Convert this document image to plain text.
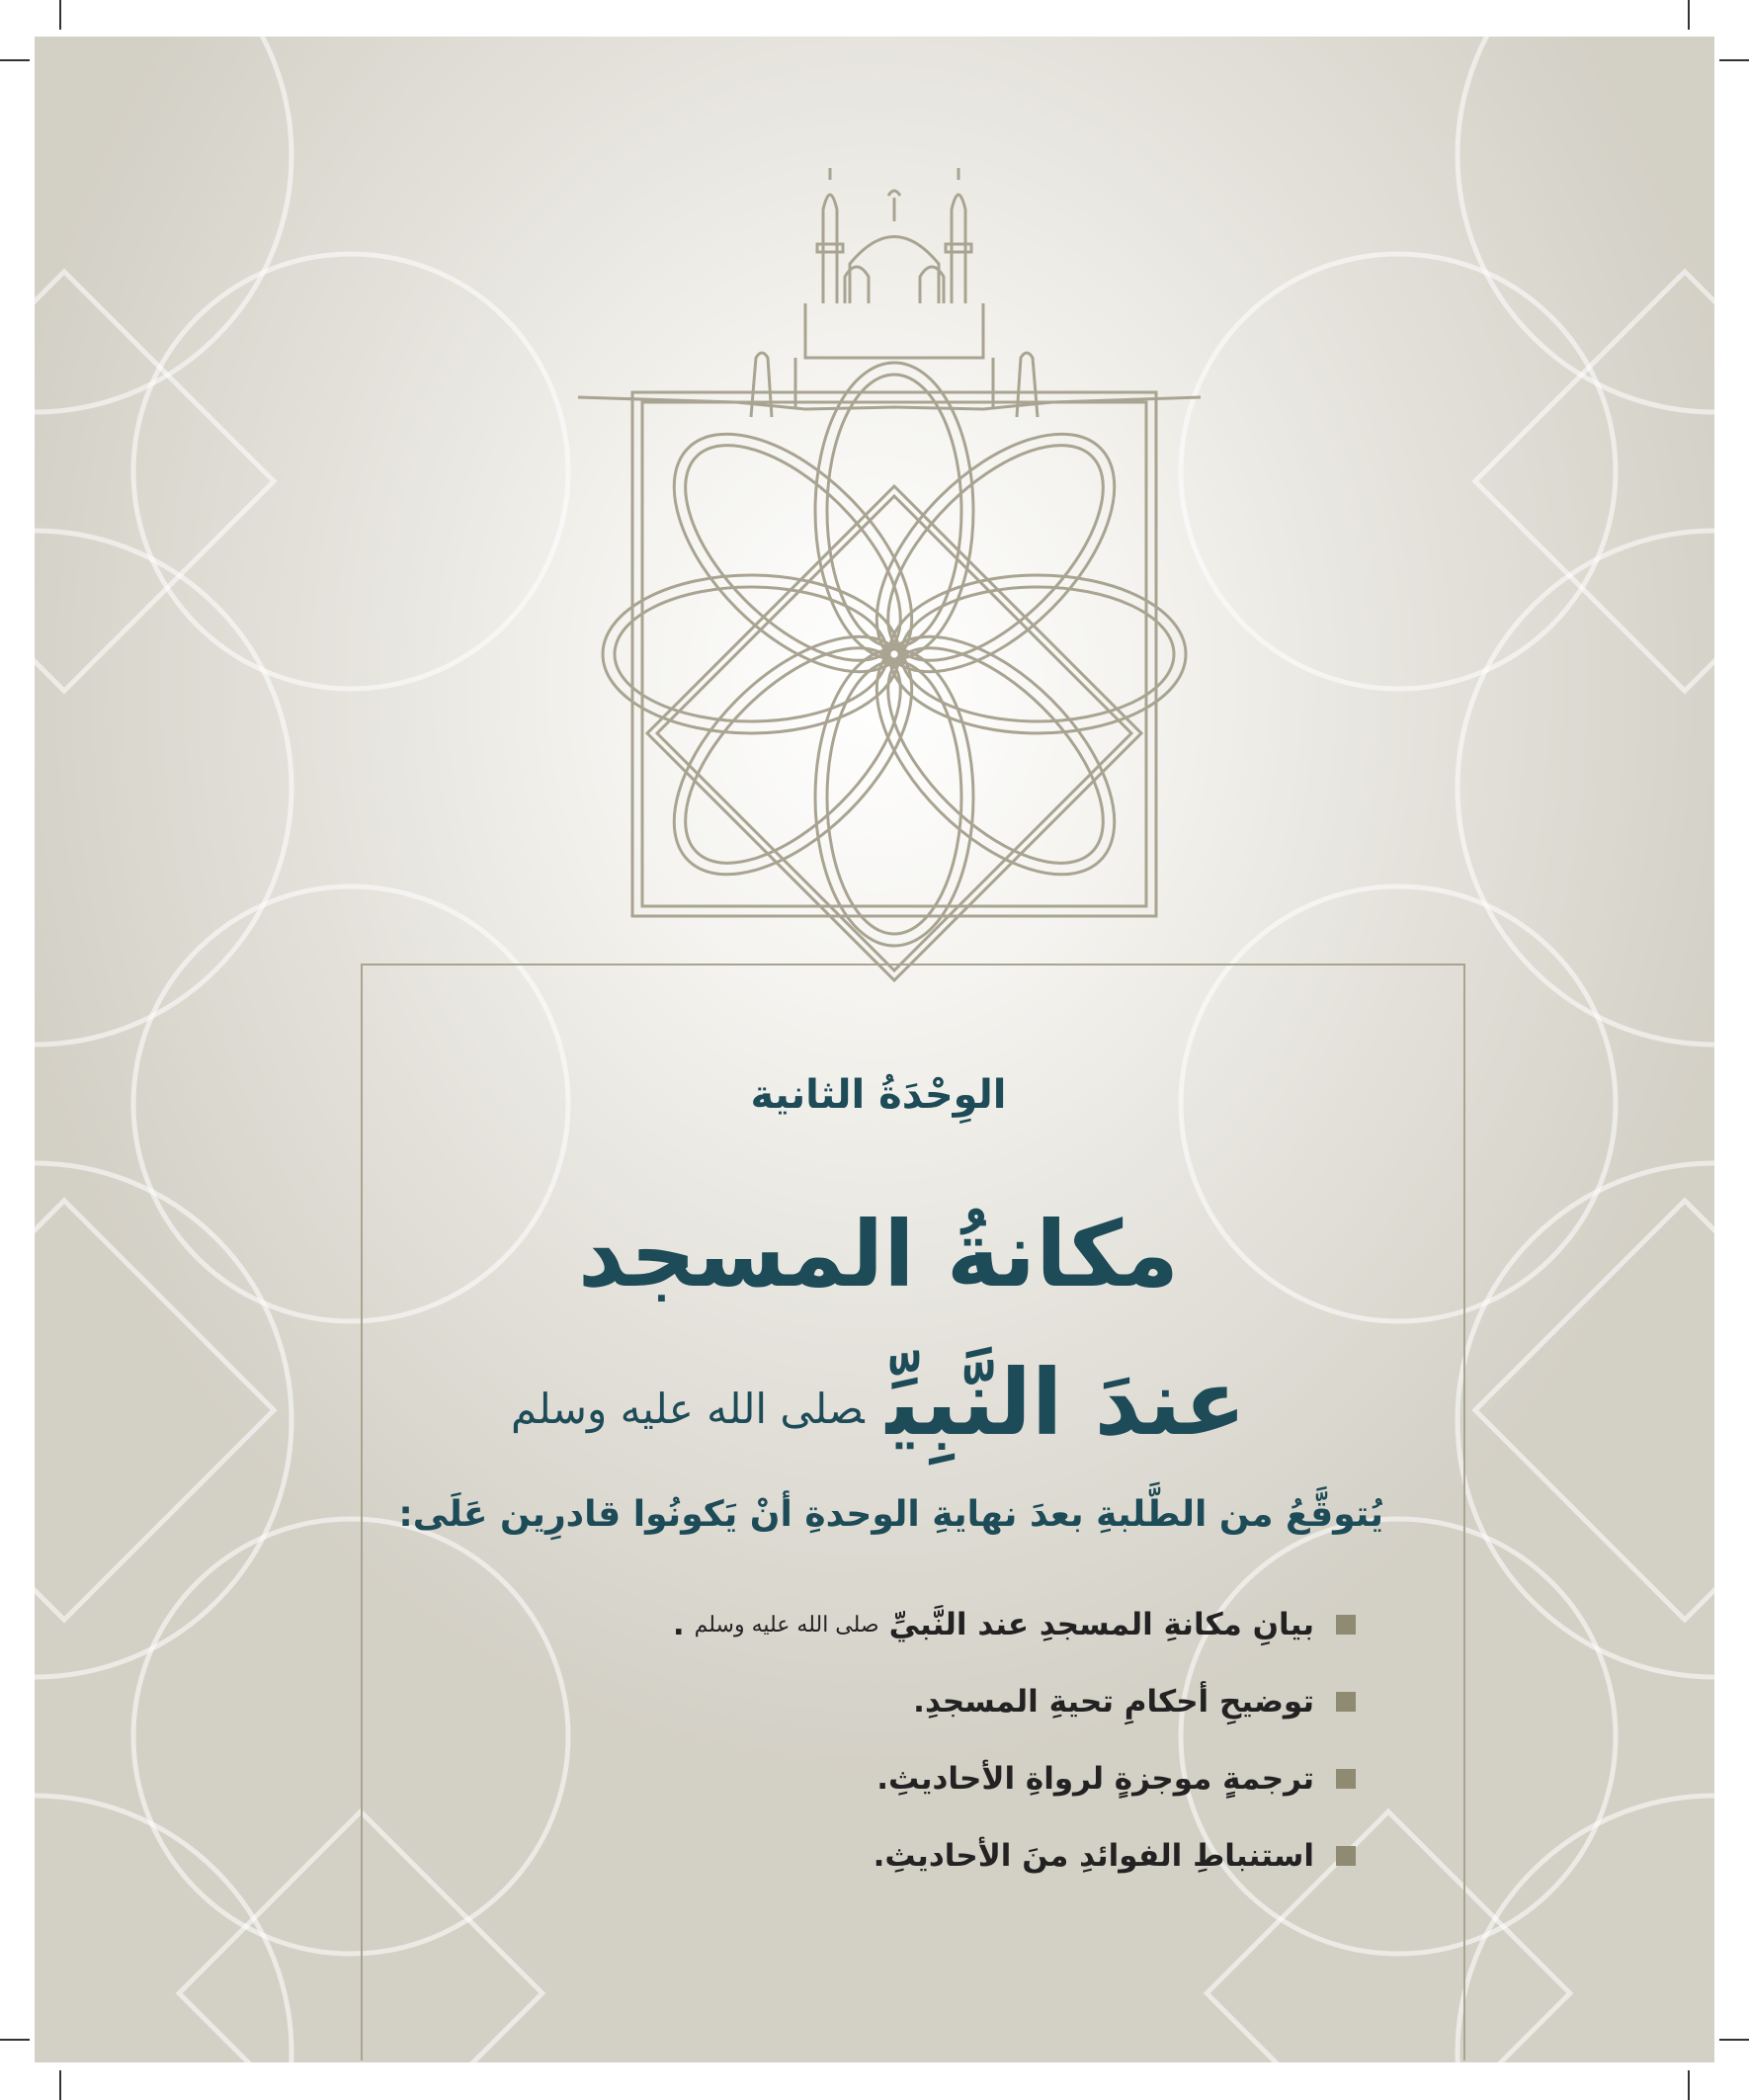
الوِحْدَةُ الثانية
مكانةُ المسجد
عندَ النَّبِيِّصلى الله عليه وسلم
يُتوقَّعُ من الطَّلبةِ بعدَ نهايةِ الوحدةِ أنْ يَكونُوا قادرِين عَلَى:
بيانِ مكانةِ المسجدِ عند النَّبيِّ
صلى الله عليه وسلم
.
توضيحِ أحكامِ تحيةِ المسجدِ.
ترجمةٍ موجزةٍ لرواةِ الأحاديثِ.
استنباطِ الفوائدِ منَ الأحاديثِ.
